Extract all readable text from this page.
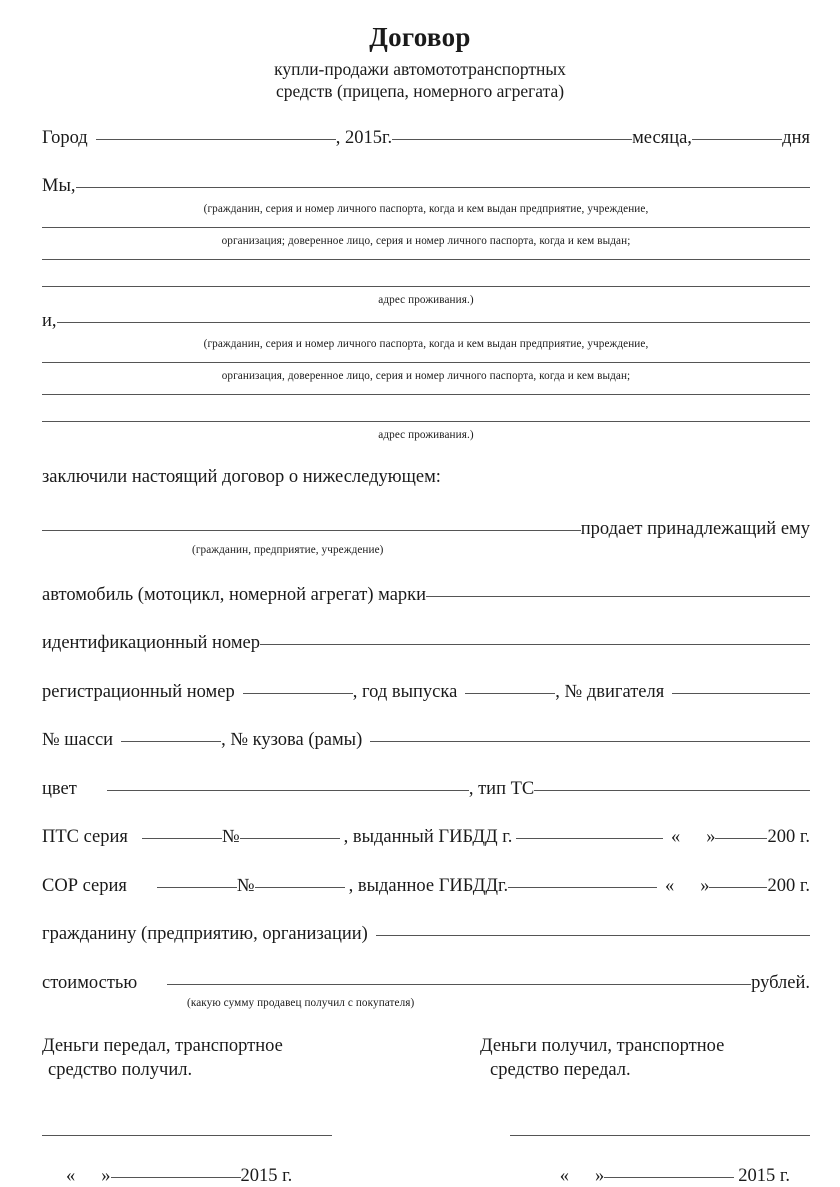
Договор
купли-продажи автомототранспортных
средств (прицепа, номерного агрегата)
Город	, 2015г.	месяца,	дня
Мы,
(гражданин, серия и номер личного паспорта, когда и кем выдан предприятие, учреждение,
организация; доверенное лицо, серия и номер личного паспорта, когда и кем выдан;
адрес проживания.)
и,
(гражданин, серия и номер личного паспорта, когда и кем выдан предприятие, учреждение,
организация, доверенное лицо, серия и номер личного паспорта, когда и кем выдан;
адрес проживания.)
заключили настоящий договор о нижеследующем:
продает принадлежащий ему
(гражданин, предприятие, учреждение)
автомобиль (мотоцикл, номерной агрегат) марки
идентификационный номер
регистрационный номер	, год выпуска	, № двигателя
№ шасси	, № кузова (рамы)
цвет	, тип ТС
ПТС серия	№	, выданный ГИБДД г.	« »	200 г.
СОР серия	№	, выданное ГИБДДг.	« »	200 г.
гражданину (предприятию, организации)
стоимостью	рублей.
(какую сумму продавец получил с покупателя)
Деньги передал, транспортное
средство получил.
Деньги получил, транспортное
средство передал.
« »	2015 г.	« »	2015 г.
